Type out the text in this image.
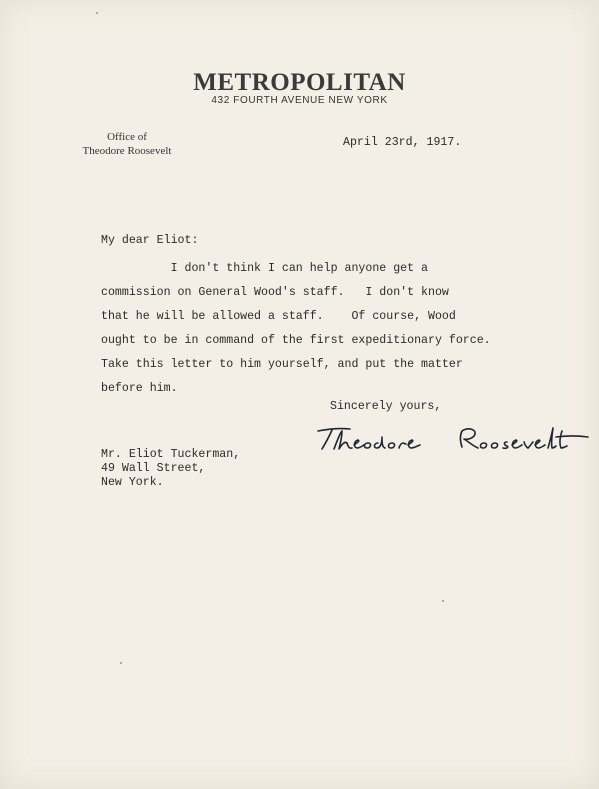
METROPOLITAN
432 FOURTH AVENUE NEW YORK
Office of
Theodore Roosevelt
April 23rd, 1917.
My dear Eliot:
I don't think I can help anyone get a
commission on General Wood's staff.   I don't know
that he will be allowed a staff.    Of course, Wood
ought to be in command of the first expeditionary force.
Take this letter to him yourself, and put the matter
before him.
Sincerely yours,
Mr. Eliot Tuckerman,
49 Wall Street,
New York.
